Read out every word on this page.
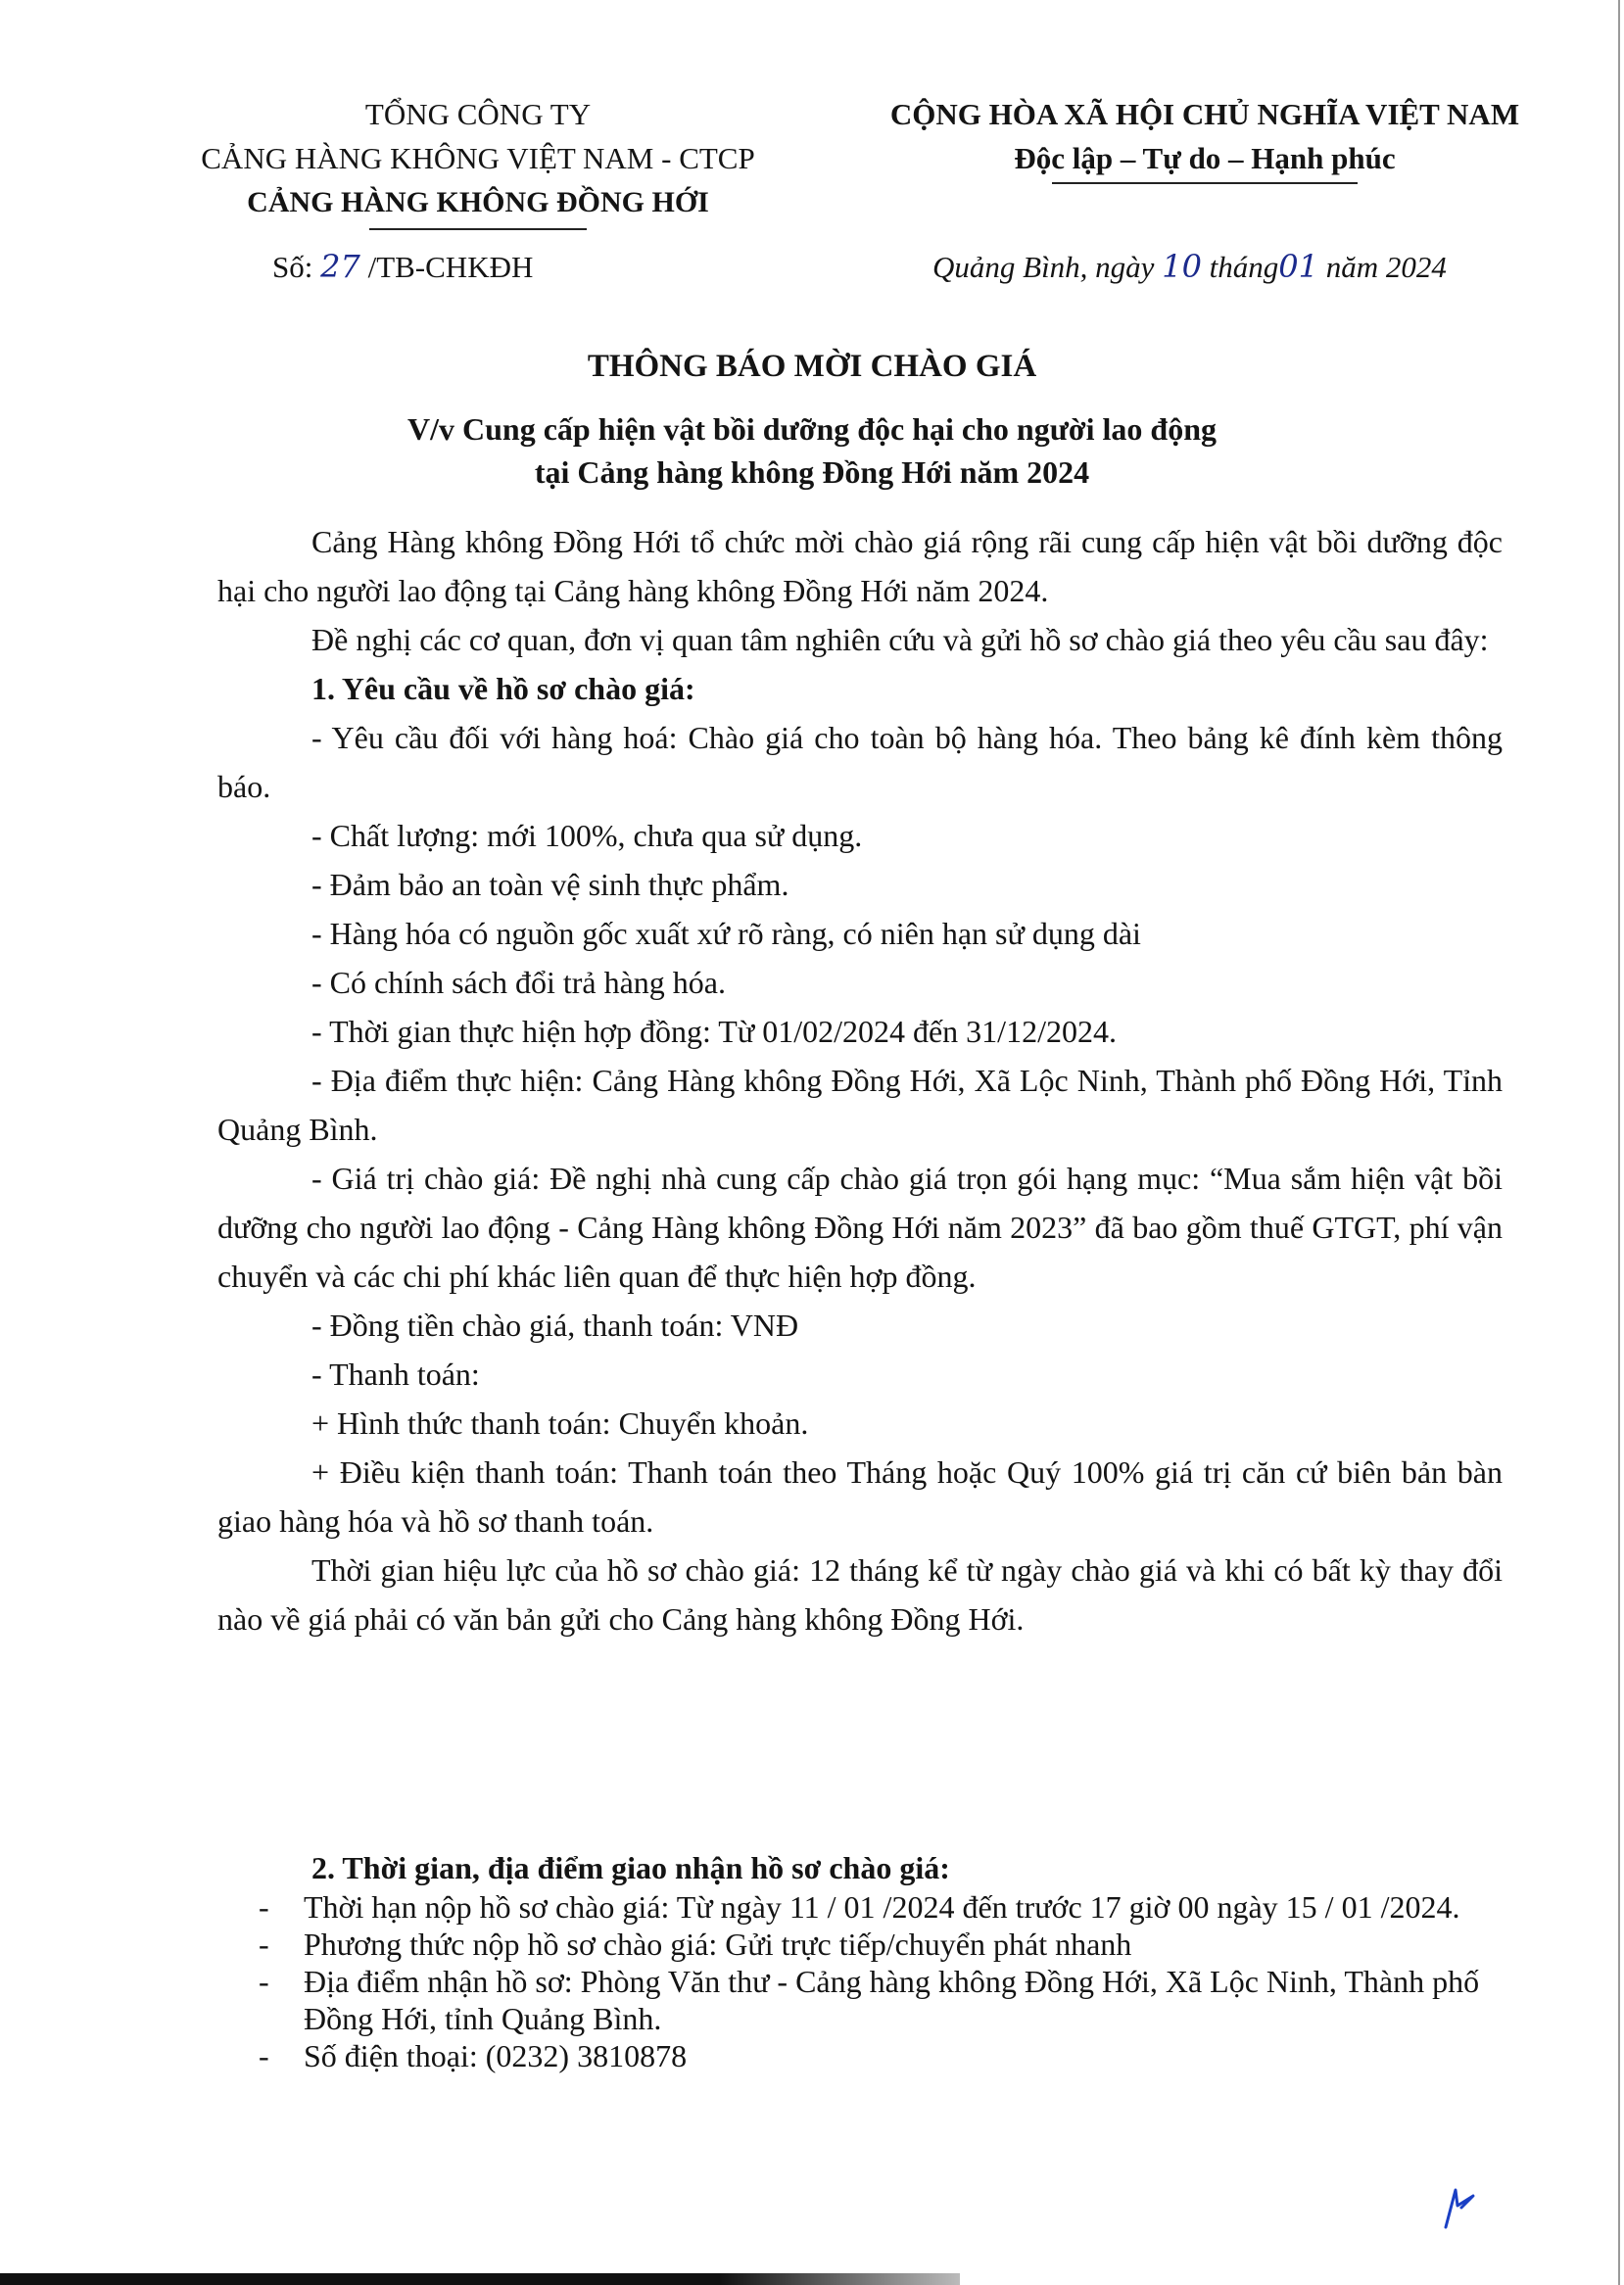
TỔNG CÔNG TY
CẢNG HÀNG KHÔNG VIỆT NAM - CTCP
CẢNG HÀNG KHÔNG ĐỒNG HỚI
CỘNG HÒA XÃ HỘI CHỦ NGHĨA VIỆT NAM
Độc lập – Tự do – Hạnh phúc
Số: 27 /TB-CHKĐH	Quảng Bình, ngày 10 tháng01 năm 2024
THÔNG BÁO MỜI CHÀO GIÁ
V/v Cung cấp hiện vật bồi dưỡng độc hại cho người lao động
tại Cảng hàng không Đồng Hới năm 2024

Cảng Hàng không Đồng Hới tổ chức mời chào giá rộng rãi cung cấp hiện vật bồi dưỡng độc hại cho người lao động tại Cảng hàng không Đồng Hới năm 2024.

Đề nghị các cơ quan, đơn vị quan tâm nghiên cứu và gửi hồ sơ chào giá theo yêu cầu sau đây:

1. Yêu cầu về hồ sơ chào giá:

- Yêu cầu đối với hàng hoá: Chào giá cho toàn bộ hàng hóa. Theo bảng kê đính kèm thông báo.

- Chất lượng: mới 100%, chưa qua sử dụng.

- Đảm bảo an toàn vệ sinh thực phẩm.

- Hàng hóa có nguồn gốc xuất xứ rõ ràng, có niên hạn sử dụng dài

- Có chính sách đổi trả hàng hóa.

- Thời gian thực hiện hợp đồng: Từ 01/02/2024 đến 31/12/2024.

- Địa điểm thực hiện: Cảng Hàng không Đồng Hới, Xã Lộc Ninh, Thành phố Đồng Hới, Tỉnh Quảng Bình.

- Giá trị chào giá: Đề nghị nhà cung cấp chào giá trọn gói hạng mục: “Mua sắm hiện vật bồi dưỡng cho người lao động - Cảng Hàng không Đồng Hới năm 2023” đã bao gồm thuế GTGT, phí vận chuyển và các chi phí khác liên quan để thực hiện hợp đồng.

- Đồng tiền chào giá, thanh toán: VNĐ

- Thanh toán:

+ Hình thức thanh toán: Chuyển khoản.

+ Điều kiện thanh toán: Thanh toán theo Tháng hoặc Quý 100% giá trị căn cứ biên bản bàn giao hàng hóa và hồ sơ thanh toán.

Thời gian hiệu lực của hồ sơ chào giá: 12 tháng kể từ ngày chào giá và khi có bất kỳ thay đổi nào về giá phải có văn bản gửi cho Cảng hàng không Đồng Hới.

2. Thời gian, địa điểm giao nhận hồ sơ chào giá:
-	Thời hạn nộp hồ sơ chào giá: Từ ngày 11 / 01 /2024 đến trước 17 giờ 00 ngày 15 / 01 /2024.
-	Phương thức nộp hồ sơ chào giá: Gửi trực tiếp/chuyển phát nhanh
-	Địa điểm nhận hồ sơ: Phòng Văn thư - Cảng hàng không Đồng Hới, Xã Lộc Ninh, Thành phố Đồng Hới, tỉnh Quảng Bình.
-	Số điện thoại: (0232) 3810878
